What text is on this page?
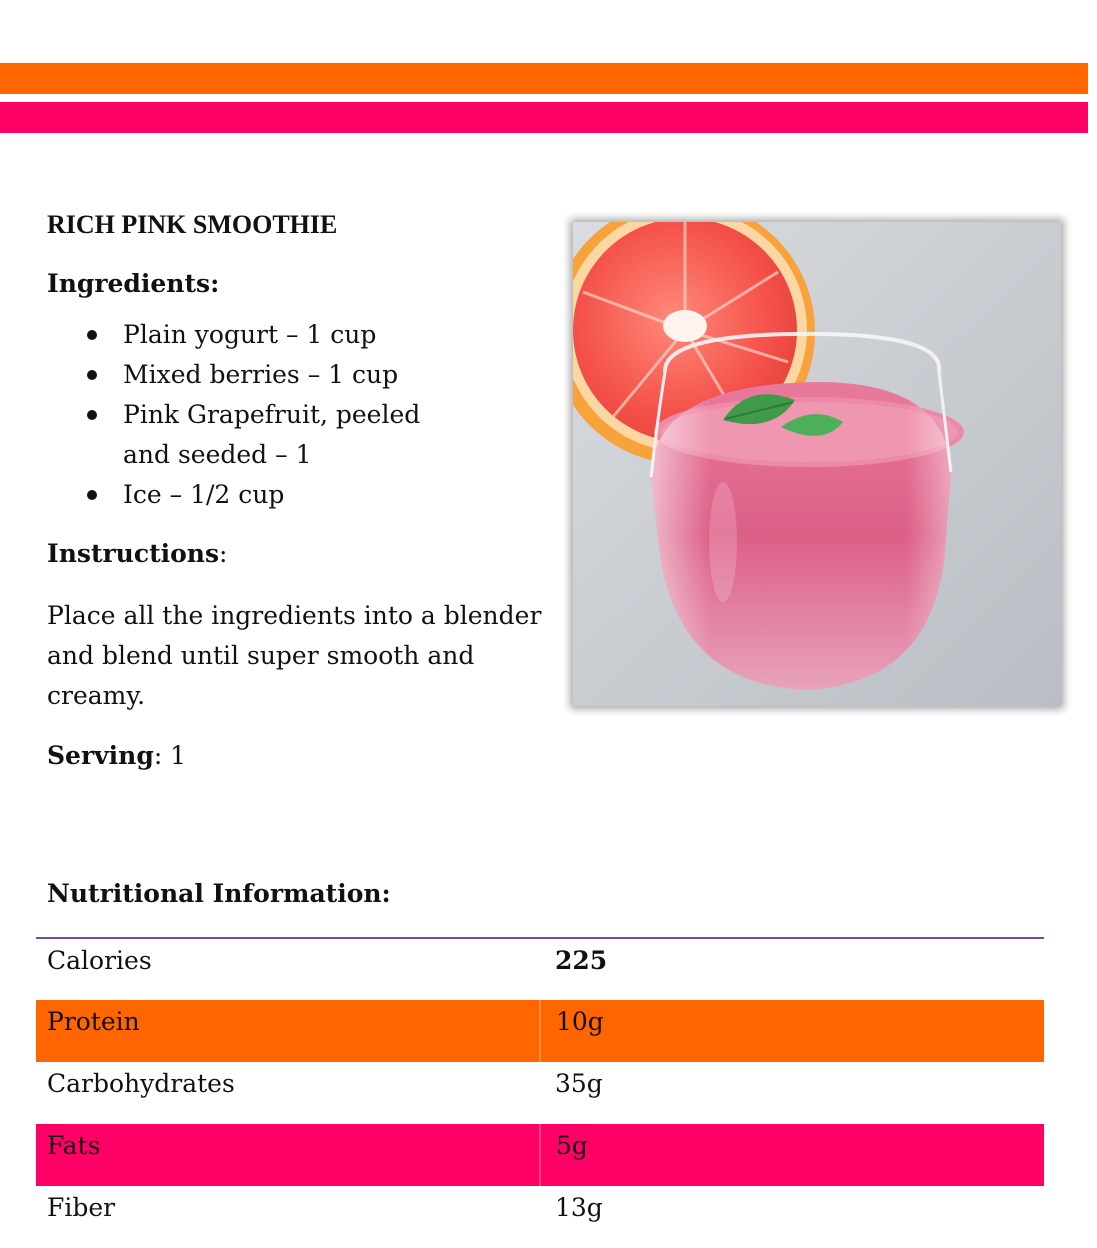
RICH PINK SMOOTHIE

Ingredients:

Plain yogurt – 1 cup
Mixed berries – 1 cup
Pink Grapefruit, peeled and seeded – 1
Ice – 1/2 cup

Instructions:

Place all the ingredients into a blender and blend until super smooth and creamy.

Serving: 1

Nutritional Information:

Calories	225
Protein	10g
Carbohydrates	35g
Fats	5g
Fiber	13g
